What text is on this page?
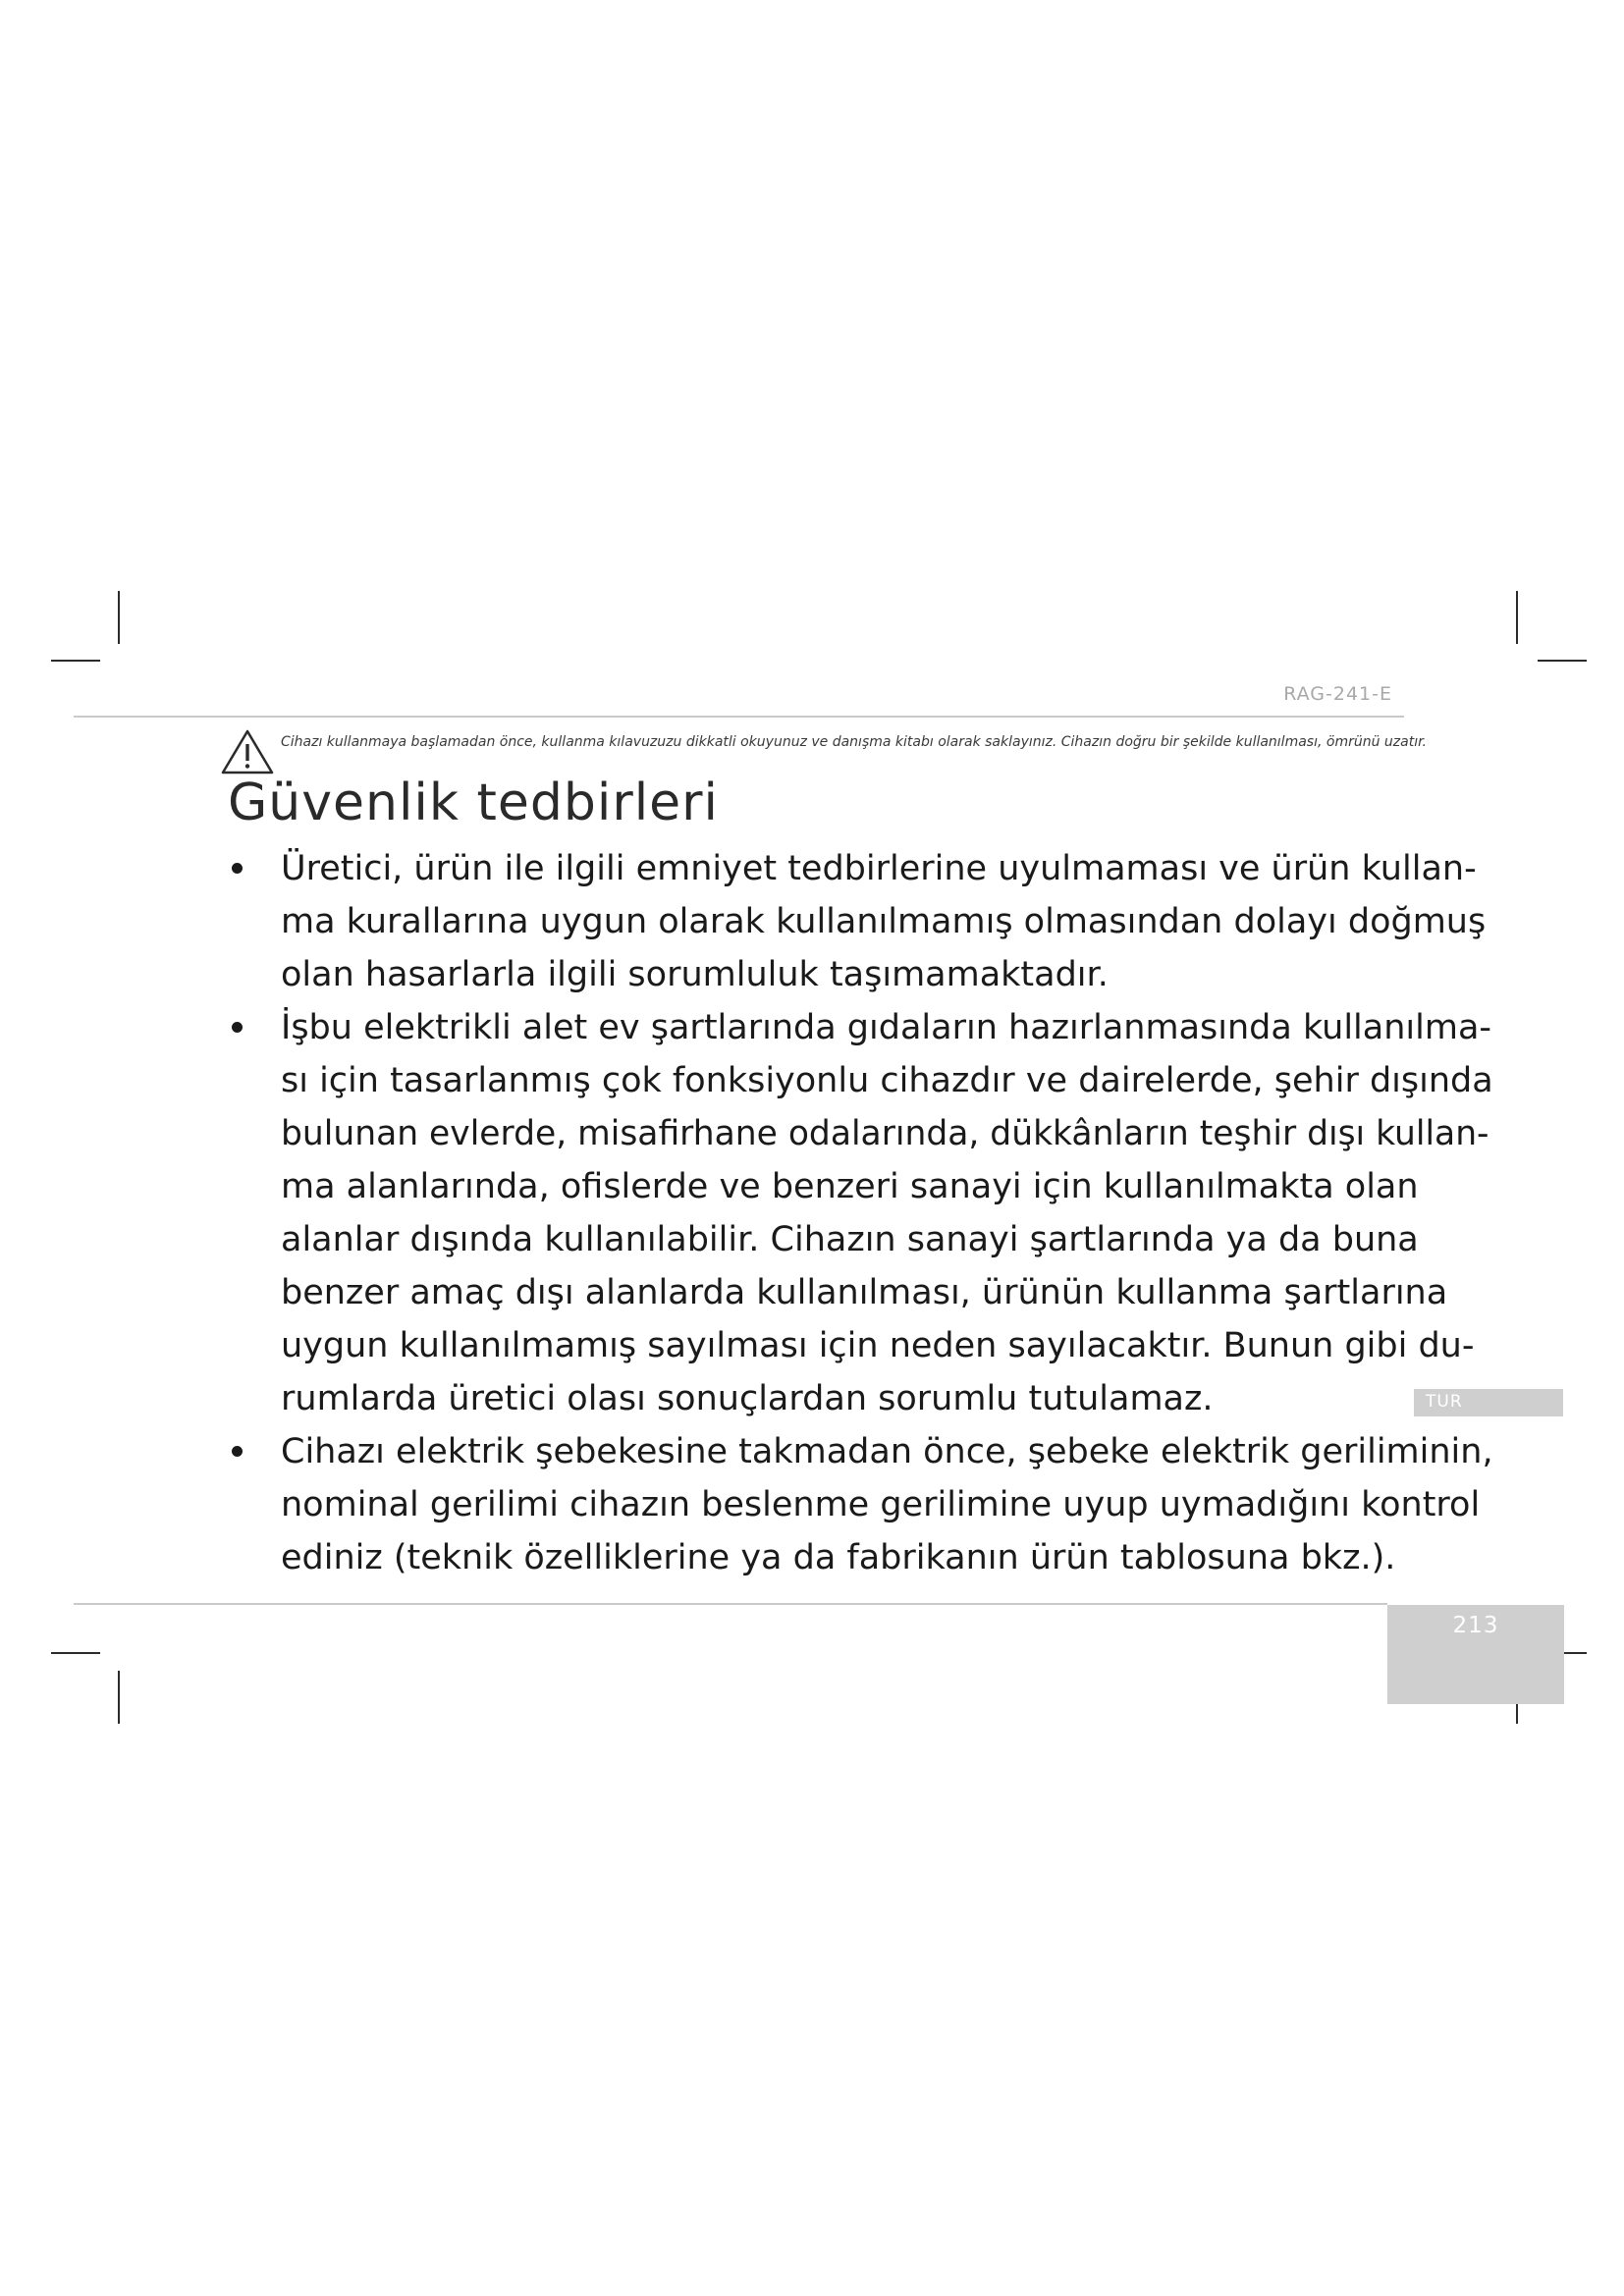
RAG-241-E
Cihazı kullanmaya başlamadan önce, kullanma kılavuzuzu dikkatli okuyunuz ve danışma kitabı olarak saklayınız. Cihazın doğru bir şekilde kullanılması, ömrünü uzatır.
Güvenlik tedbirleri
Üretici, ürün ile ilgili emniyet tedbirlerine uyulmaması ve ürün kullan-
ma kurallarına uygun olarak kullanılmamış olmasından dolayı doğmuş
olan hasarlarla ilgili sorumluluk taşımamaktadır.
İşbu elektrikli alet ev şartlarında gıdaların hazırlanmasında kullanılma-
sı için tasarlanmış çok fonksiyonlu cihazdır ve dairelerde, şehir dışında
bulunan evlerde, misafirhane odalarında, dükkânların teşhir dışı kullan-
ma alanlarında, ofislerde ve benzeri sanayi için kullanılmakta olan
alanlar dışında kullanılabilir. Cihazın sanayi şartlarında ya da buna
benzer amaç dışı alanlarda kullanılması, ürünün kullanma şartlarına
uygun kullanılmamış sayılması için neden sayılacaktır. Bunun gibi du-
rumlarda üretici olası sonuçlardan sorumlu tutulamaz.
Cihazı elektrik şebekesine takmadan önce, şebeke elektrik geriliminin,
nominal gerilimi cihazın beslenme gerilimine uyup uymadığını kontrol
ediniz (teknik özelliklerine ya da fabrikanın ürün tablosuna bkz.).
TUR
213
